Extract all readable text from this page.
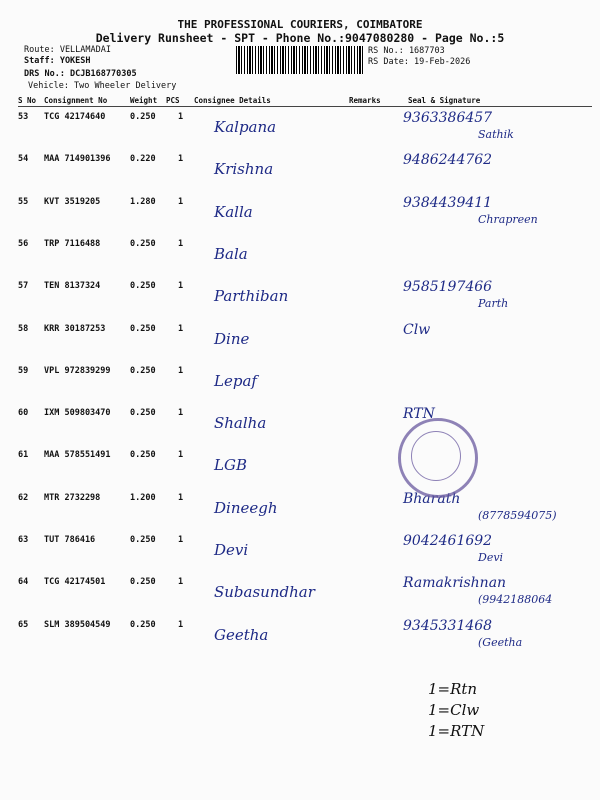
THE PROFESSIONAL COURIERS, COIMBATORE
Delivery Runsheet - SPT - Phone No.:9047080280 - Page No.:5
Route: VELLAMADAI
Staff: YOKESH
DRS No.: DCJB168770305
Vehicle: Two Wheeler Delivery
RS No.: 1687703
RS Date: 19-Feb-2026
S No Consignment No	Weight PCS Consignee Details	Remarks	Seal & Signature
53 TCG 42174640	0.250	1
Kalpana	9363386457
Sathik
54 MAA 714901396 0.220	1
Krishna	9486244762
55 KVT 3519205	1.280	1
Kalla	9384439411
Chrapreen
56 TRP 7116488	0.250	1
Bala
57 TEN 8137324	0.250	1
Parthiban	9585197466
Parth
58 KRR 30187253	0.250	1
Dine	Clw
59 VPL 972839299 0.250	1
Lepaf
60 IXM 509803470 0.250	1
Shalha	RTN
61 MAA 578551491 0.250	1
LGB
62 MTR 2732298	1.200	1
Dineegh	Bharath
(8778594075)
63 TUT 786416	0.250	1
Devi	9042461692
Devi
64 TCG 42174501	0.250	1
Subasundhar	Ramakrishnan
(9942188064
65 SLM 389504549 0.250	1
Geetha	9345331468
(Geetha
1=Rtn
1=Clw
1=RTN
